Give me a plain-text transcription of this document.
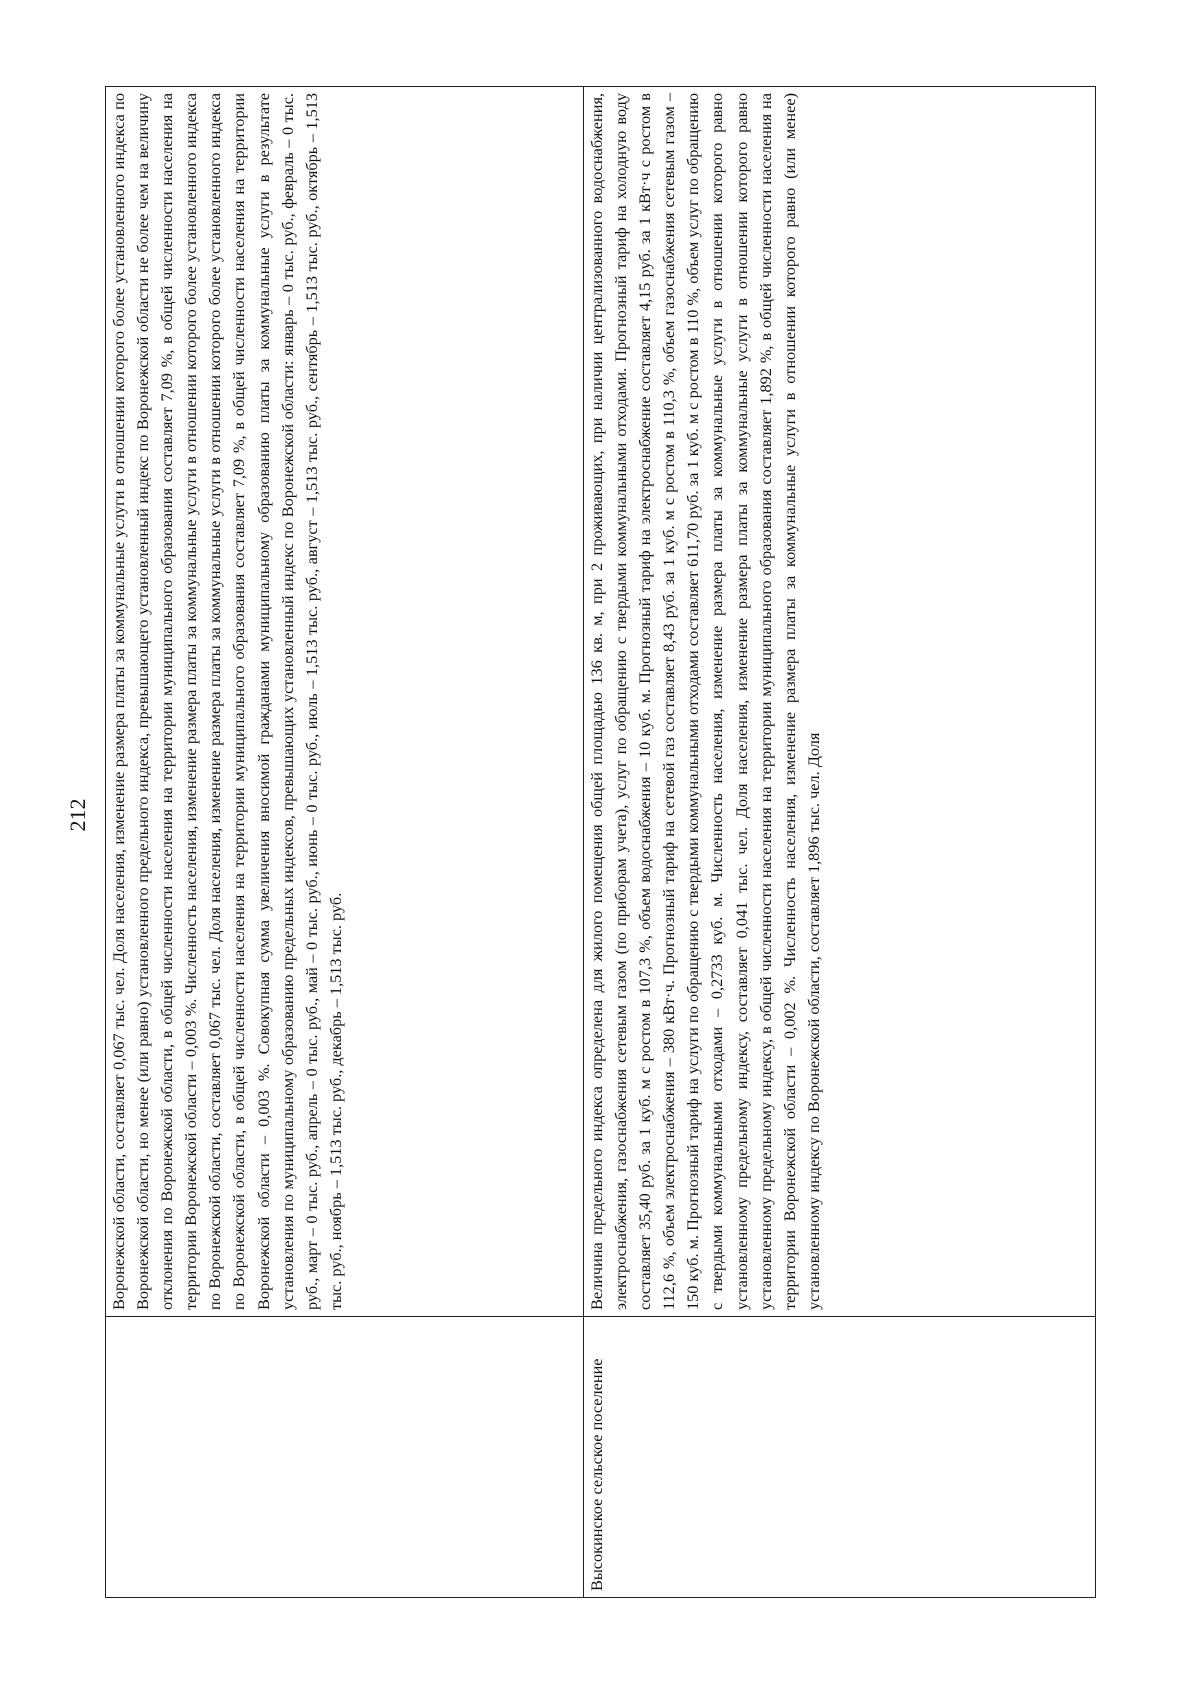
212
	Воронежской области, составляет 0,067 тыс. чел. Доля населения, изменение размера платы за коммунальные услуги в отношении которого более установленного индекса по Воронежской области, но менее (или равно) установленного предельного индекса, превышающего установленный индекс по Воронежской области не более чем на величину отклонения по Воронежской области, в общей численности населения на территории муниципального образования составляет 7,09 %, в общей численности населения на территории Воронежской области – 0,003 %. Численность населения, изменение размера платы за коммунальные услуги в отношении которого более установленного индекса по Воронежской области, составляет 0,067 тыс. чел. Доля населения, изменение размера платы за коммунальные услуги в отношении которого более установленного индекса по Воронежской области, в общей численности населения на территории муниципального образования составляет 7,09 %, в общей численности населения на территории Воронежской области – 0,003 %. Совокупная сумма увеличения вносимой гражданами муниципальному образованию платы за коммунальные услуги в результате установления по муниципальному образованию предельных индексов, превышающих установленный индекс по Воронежской области: январь – 0 тыс. руб., февраль – 0 тыс. руб., март – 0 тыс. руб., апрель – 0 тыс. руб., май – 0 тыс. руб., июнь – 0 тыс. руб., июль – 1,513 тыс. руб., август – 1,513 тыс. руб., сентябрь – 1,513 тыс. руб., октябрь – 1,513 тыс. руб., ноябрь – 1,513 тыс. руб., декабрь – 1,513 тыс. руб.
Высокинское сельское поселение	Величина предельного индекса определена для жилого помещения общей площадью 136 кв. м, при 2 проживающих, при наличии централизованного водоснабжения, электроснабжения, газоснабжения сетевым газом (по приборам учета), услуг по обращению с твердыми коммунальными отходами. Прогнозный тариф на холодную воду составляет 35,40 руб. за 1 куб. м с ростом в 107,3 %, объем водоснабжения – 10 куб. м. Прогнозный тариф на электроснабжение составляет 4,15 руб. за 1 кВт·ч с ростом в 112,6 %, объем электроснабжения – 380 кВт·ч. Прогнозный тариф на сетевой газ составляет 8,43 руб. за 1 куб. м с ростом в 110,3 %, объем газоснабжения сетевым газом – 150 куб. м. Прогнозный тариф на услуги по обращению с твердыми коммунальными отходами составляет 611,70 руб. за 1 куб. м с ростом в 110 %, объем услуг по обращению с твердыми коммунальными отходами – 0,2733 куб. м. Численность населения, изменение размера платы за коммунальные услуги в отношении которого равно установленному предельному индексу, составляет 0,041 тыс. чел. Доля населения, изменение размера платы за коммунальные услуги в отношении которого равно установленному предельному индексу, в общей численности населения на территории муниципального образования составляет 1,892 %, в общей численности населения на территории Воронежской области – 0,002 %. Численность населения, изменение размера платы за коммунальные услуги в отношении которого равно (или менее) установленному индексу по Воронежской области, составляет 1,896 тыс. чел. Доля
